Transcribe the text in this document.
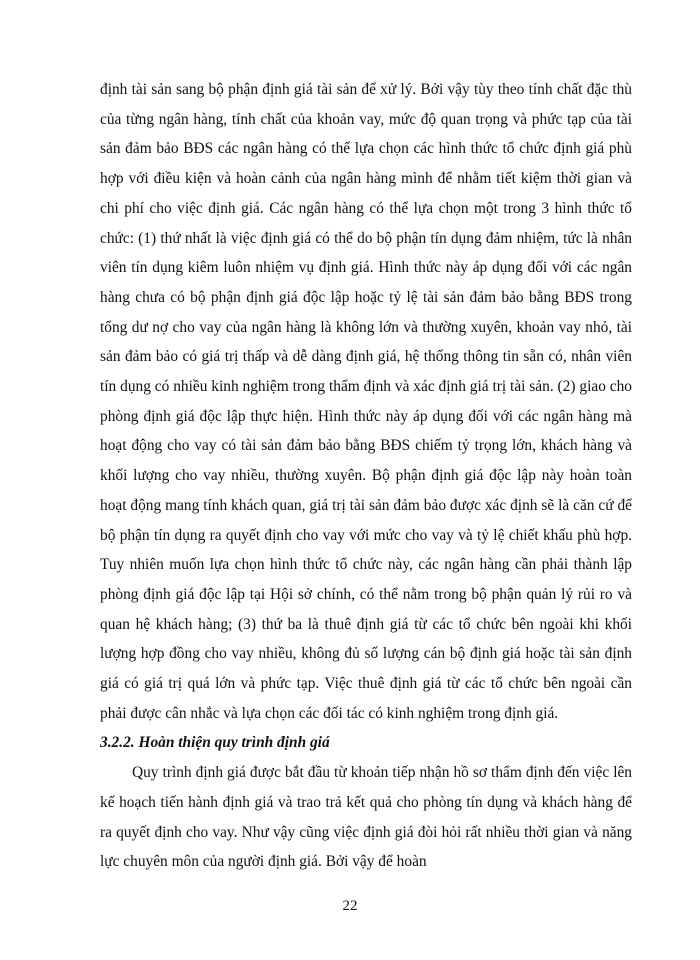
định tài sản sang bộ phận định giá tài sản để xử lý. Bởi vậy tùy theo tính chất đặc thù của từng ngân hàng, tính chất của khoản vay, mức độ quan trọng và phức tạp của tài sản đảm bảo BĐS các ngân hàng có thể lựa chọn các hình thức tổ chức định giá phù hợp với điều kiện và hoàn cảnh của ngân hàng mình để nhằm tiết kiệm thời gian và chi phí cho việc định giá. Các ngân hàng có thể lựa chọn một trong 3 hình thức tổ chức: (1) thứ nhất là việc định giá có thể do bộ phận tín dụng đảm nhiệm, tức là nhân viên tín dụng kiêm luôn nhiệm vụ định giá. Hình thức này áp dụng đối với các ngân hàng chưa có bộ phận định giá độc lập hoặc tỷ lệ tài sản đảm bảo bằng BĐS trong tổng dư nợ cho vay của ngân hàng là không lớn và thường xuyên, khoản vay nhỏ, tài sản đảm bảo có giá trị thấp và dễ dàng định giá, hệ thống thông tin sẵn có, nhân viên tín dụng có nhiều kinh nghiệm trong thẩm định và xác định giá trị tài sản. (2) giao cho phòng định giá độc lập thực hiện. Hình thức này áp dụng đối với các ngân hàng mà hoạt động cho vay có tài sản đảm bảo bằng BĐS chiếm tỷ trọng lớn, khách hàng và khối lượng cho vay nhiều, thường xuyên. Bộ phận định giá độc lập này hoàn toàn hoạt động mang tính khách quan, giá trị tài sản đảm bảo được xác định sẽ là căn cứ để bộ phận tín dụng ra quyết định cho vay với mức cho vay và tỷ lệ chiết khấu phù hợp. Tuy nhiên muốn lựa chọn hình thức tổ chức này, các ngân hàng cần phải thành lập phòng định giá độc lập tại Hội sở chính, có thể nằm trong bộ phận quản lý rủi ro và quan hệ khách hàng; (3) thứ ba là thuê định giá từ các tổ chức bên ngoài khi khối lượng hợp đồng cho vay nhiều, không đủ số lượng cán bộ định giá hoặc tài sản định giá có giá trị quá lớn và phức tạp. Việc thuê định giá từ các tổ chức bên ngoài cần phải được cân nhắc và lựa chọn các đối tác có kinh nghiệm trong định giá.

3.2.2. Hoàn thiện quy trình định giá

Quy trình định giá được bắt đầu từ khoản tiếp nhận hồ sơ thẩm định đến việc lên kế hoạch tiến hành định giá và trao trả kết quả cho phòng tín dụng và khách hàng để ra quyết định cho vay. Như vậy cũng việc định giá đòi hỏi rất nhiều thời gian và năng lực chuyên môn của người định giá. Bởi vậy để hoàn

22
